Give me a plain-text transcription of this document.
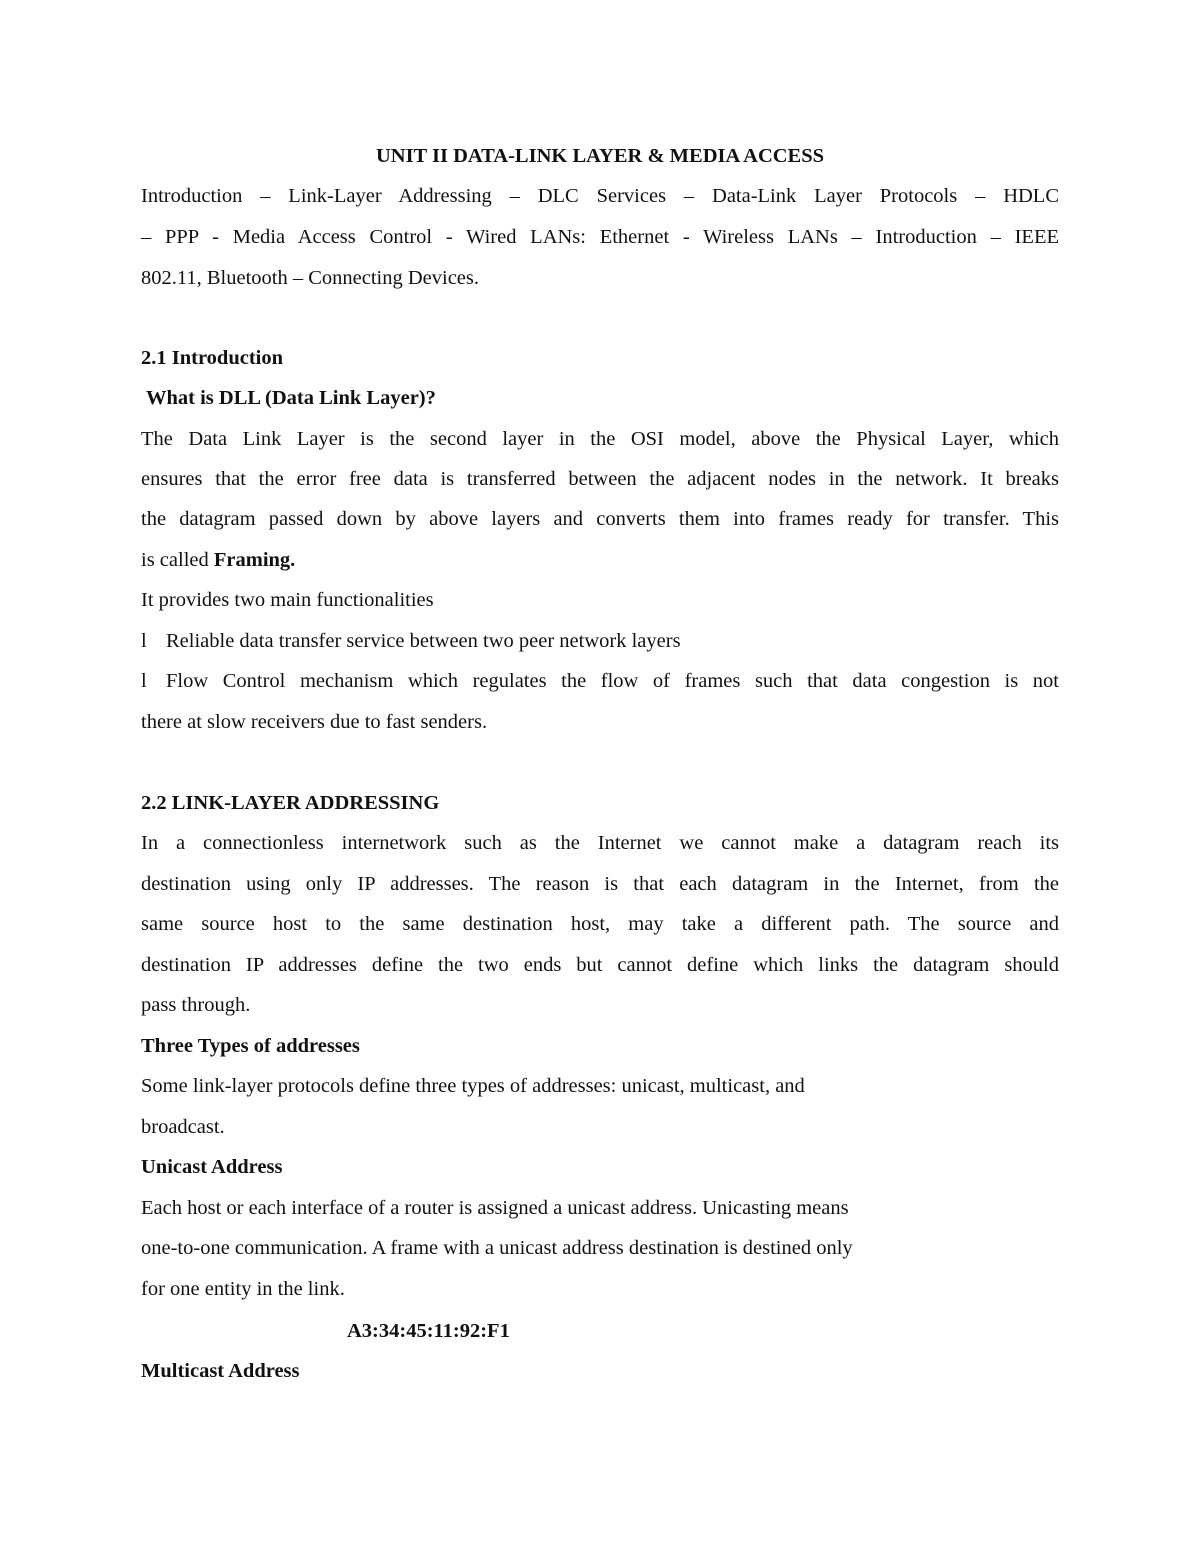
UNIT II DATA-LINK LAYER & MEDIA ACCESS
Introduction – Link-Layer Addressing – DLC Services – Data-Link Layer Protocols – HDLC
– PPP - Media Access Control - Wired LANs: Ethernet - Wireless LANs – Introduction – IEEE
802.11, Bluetooth – Connecting Devices.
2.1 Introduction
What is DLL (Data Link Layer)?
The Data Link Layer is the second layer in the OSI model, above the Physical Layer, which
ensures that the error free data is transferred between the adjacent nodes in the network. It breaks
the datagram passed down by above layers and converts them into frames ready for transfer. This
is called Framing.
It provides two main functionalities
l Reliable data transfer service between two peer network layers
l Flow Control mechanism which regulates the flow of frames such that data congestion is not
there at slow receivers due to fast senders.
2.2 LINK-LAYER ADDRESSING
In a connectionless internetwork such as the Internet we cannot make a datagram reach its
destination using only IP addresses. The reason is that each datagram in the Internet, from the
same source host to the same destination host, may take a different path. The source and
destination IP addresses define the two ends but cannot define which links the datagram should
pass through.
Three Types of addresses
Some link-layer protocols define three types of addresses: unicast, multicast, and
broadcast.
Unicast Address
Each host or each interface of a router is assigned a unicast address. Unicasting means
one-to-one communication. A frame with a unicast address destination is destined only
for one entity in the link.
A3:34:45:11:92:F1
Multicast Address
